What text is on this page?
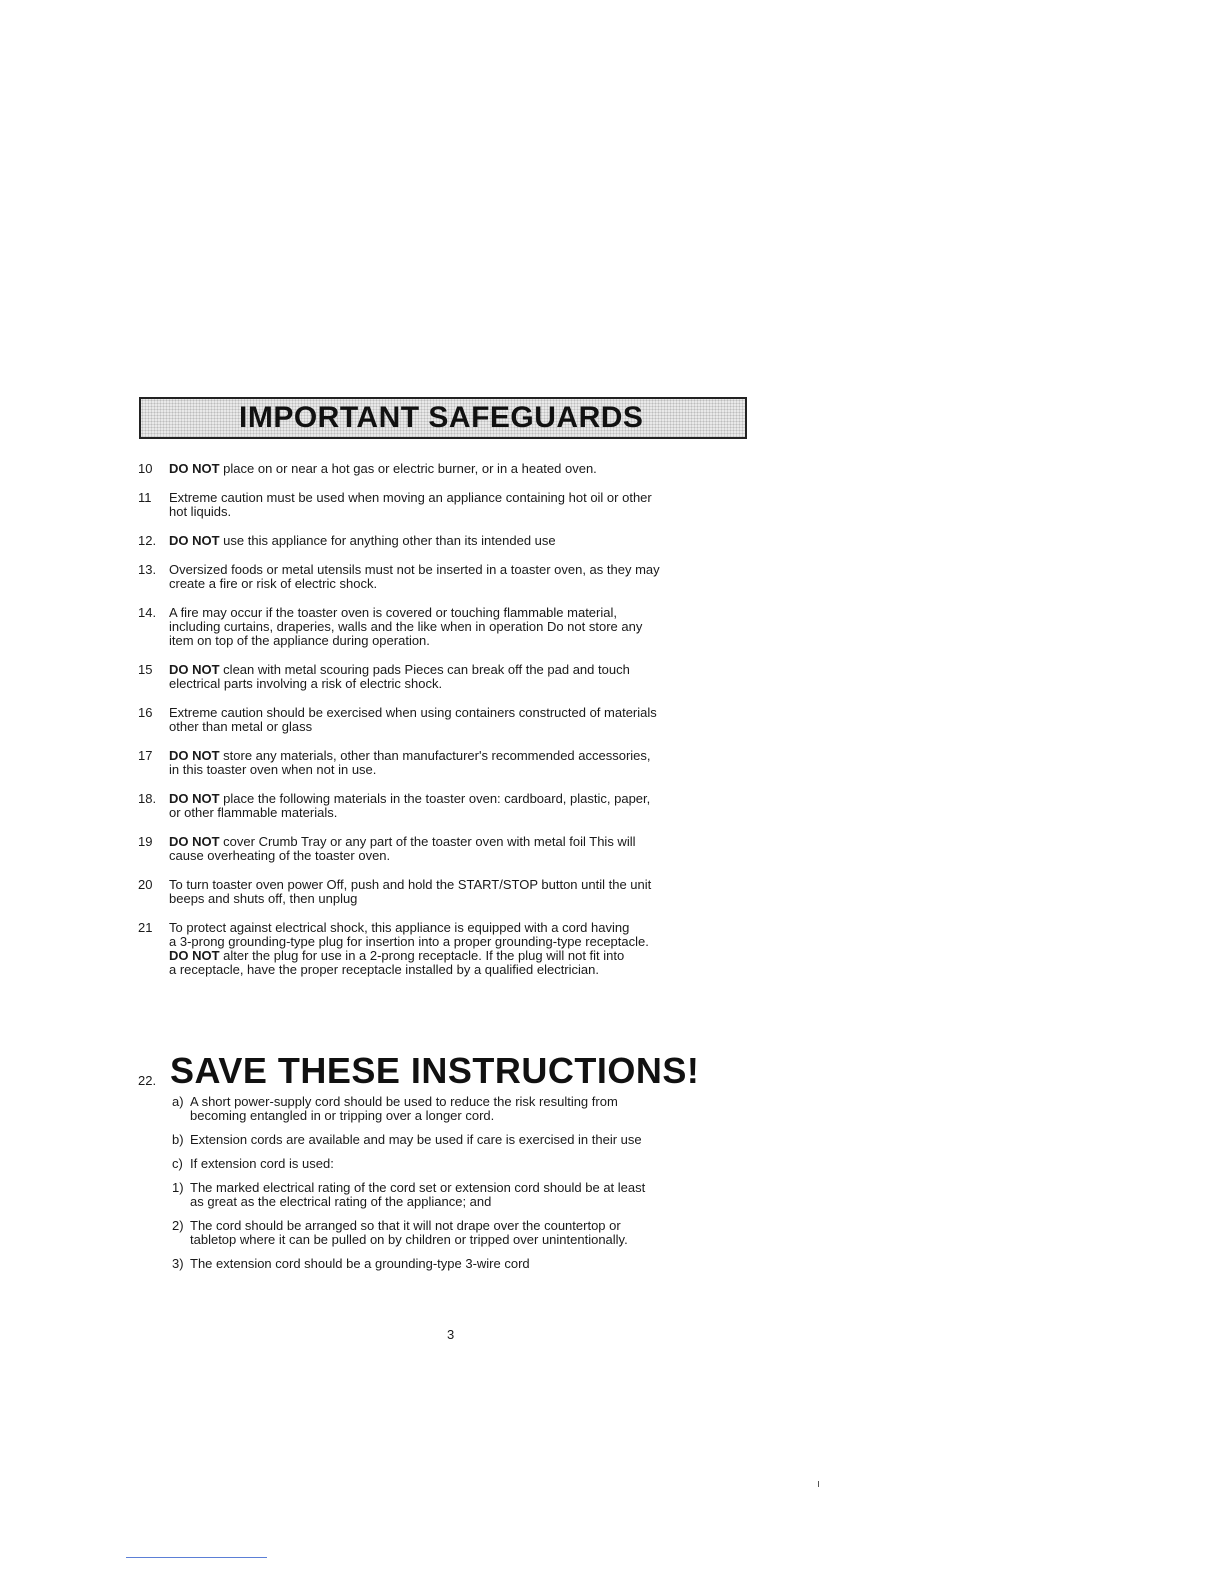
IMPORTANT SAFEGUARDS
10	DO NOT place on or near a hot gas or electric burner, or in a heated oven.
11	Extreme caution must be used when moving an appliance containing hot oil or other
hot liquids.
12. DO NOT use this appliance for anything other than its intended use
13. Oversized foods or metal utensils must not be inserted in a toaster oven, as they may
create a fire or risk of electric shock.
14. A fire may occur if the toaster oven is covered or touching flammable material,
including curtains, draperies, walls and the like when in operation Do not store any
item on top of the appliance during operation.
15	DO NOT clean with metal scouring pads Pieces can break off the pad and touch
electrical parts involving a risk of electric shock.
16	Extreme caution should be exercised when using containers constructed of materials
other than metal or glass
17	DO NOT store any materials, other than manufacturer's recommended accessories,
in this toaster oven when not in use.
18. DO NOT place the following materials in the toaster oven: cardboard, plastic, paper,
or other flammable materials.
19	DO NOT cover Crumb Tray or any part of the toaster oven with metal foil This will
cause overheating of the toaster oven.
20	To turn toaster oven power Off, push and hold the START/STOP button until the unit
beeps and shuts off, then unplug
21	To protect against electrical shock, this appliance is equipped with a cord having
a 3-prong grounding-type plug for insertion into a proper grounding-type receptacle.
DO NOT alter the plug for use in a 2-prong receptacle. If the plug will not fit into
a receptacle, have the proper receptacle installed by a qualified electrician.
22. SAVE THESE INSTRUCTIONS!
a) A short power-supply cord should be used to reduce the risk resulting from
becoming entangled in or tripping over a longer cord.
b) Extension cords are available and may be used if care is exercised in their use
c) If extension cord is used:
1) The marked electrical rating of the cord set or extension cord should be at least
as great as the electrical rating of the appliance; and
2) The cord should be arranged so that it will not drape over the countertop or
tabletop where it can be pulled on by children or tripped over unintentionally.
3) The extension cord should be a grounding-type 3-wire cord
3
